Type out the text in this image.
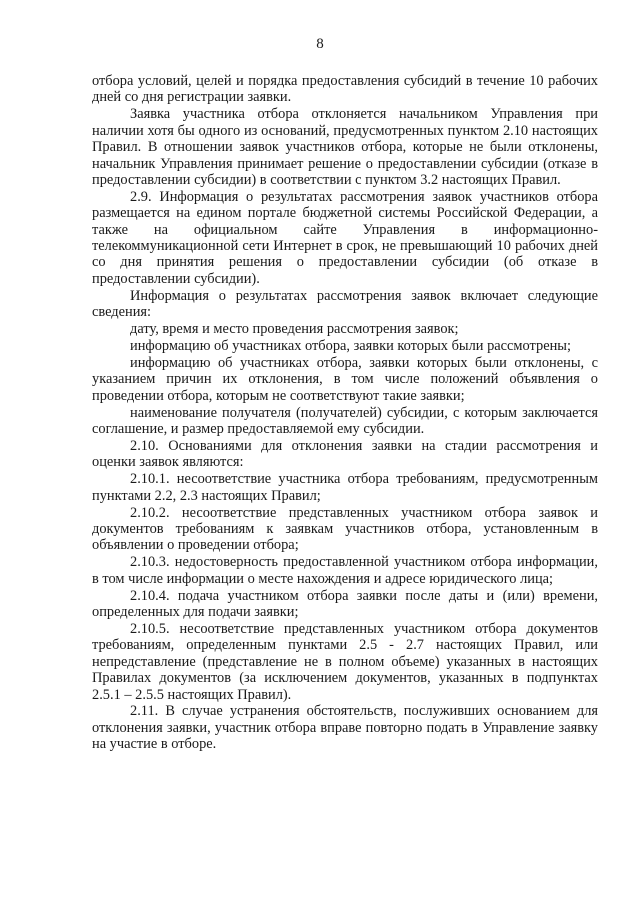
8

отбора условий, целей и порядка предоставления субсидий в течение 10 рабочих дней со дня регистрации заявки.

Заявка участника отбора отклоняется начальником Управления при наличии хотя бы одного из оснований, предусмотренных пунктом 2.10 настоящих Правил. В отношении заявок участников отбора, которые не были отклонены, начальник Управления принимает решение о предоставлении субсидии (отказе в предоставлении субсидии) в соответствии с пунктом 3.2 настоящих Правил.

2.9. Информация о результатах рассмотрения заявок участников отбора размещается на едином портале бюджетной системы Российской Федерации, а также на официальном сайте Управления в информационно-телекоммуникационной сети Интернет в срок, не превышающий 10 рабочих дней со дня принятия решения о предоставлении субсидии (об отказе в предоставлении субсидии).

Информация о результатах рассмотрения заявок включает следующие сведения:

дату, время и место проведения рассмотрения заявок;

информацию об участниках отбора, заявки которых были рассмотрены;

информацию об участниках отбора, заявки которых были отклонены, с указанием причин их отклонения, в том числе положений объявления о проведении отбора, которым не соответствуют такие заявки;

наименование получателя (получателей) субсидии, с которым заключается соглашение, и размер предоставляемой ему субсидии.

2.10. Основаниями для отклонения заявки на стадии рассмотрения и оценки заявок являются:

2.10.1. несоответствие участника отбора требованиям, предусмотренным пунктами 2.2, 2.3 настоящих Правил;

2.10.2. несоответствие представленных участником отбора заявок и документов требованиям к заявкам участников отбора, установленным в объявлении о проведении отбора;

2.10.3. недостоверность предоставленной участником отбора информации, в том числе информации о месте нахождения и адресе юридического лица;

2.10.4. подача участником отбора заявки после даты и (или) времени, определенных для подачи заявки;

2.10.5. несоответствие представленных участником отбора документов требованиям, определенным пунктами 2.5 - 2.7 настоящих Правил, или непредставление (представление не в полном объеме) указанных в настоящих Правилах документов (за исключением документов, указанных в подпунктах 2.5.1 – 2.5.5 настоящих Правил).

2.11. В случае устранения обстоятельств, послуживших основанием для отклонения заявки, участник отбора вправе повторно подать в Управление заявку на участие в отборе.
